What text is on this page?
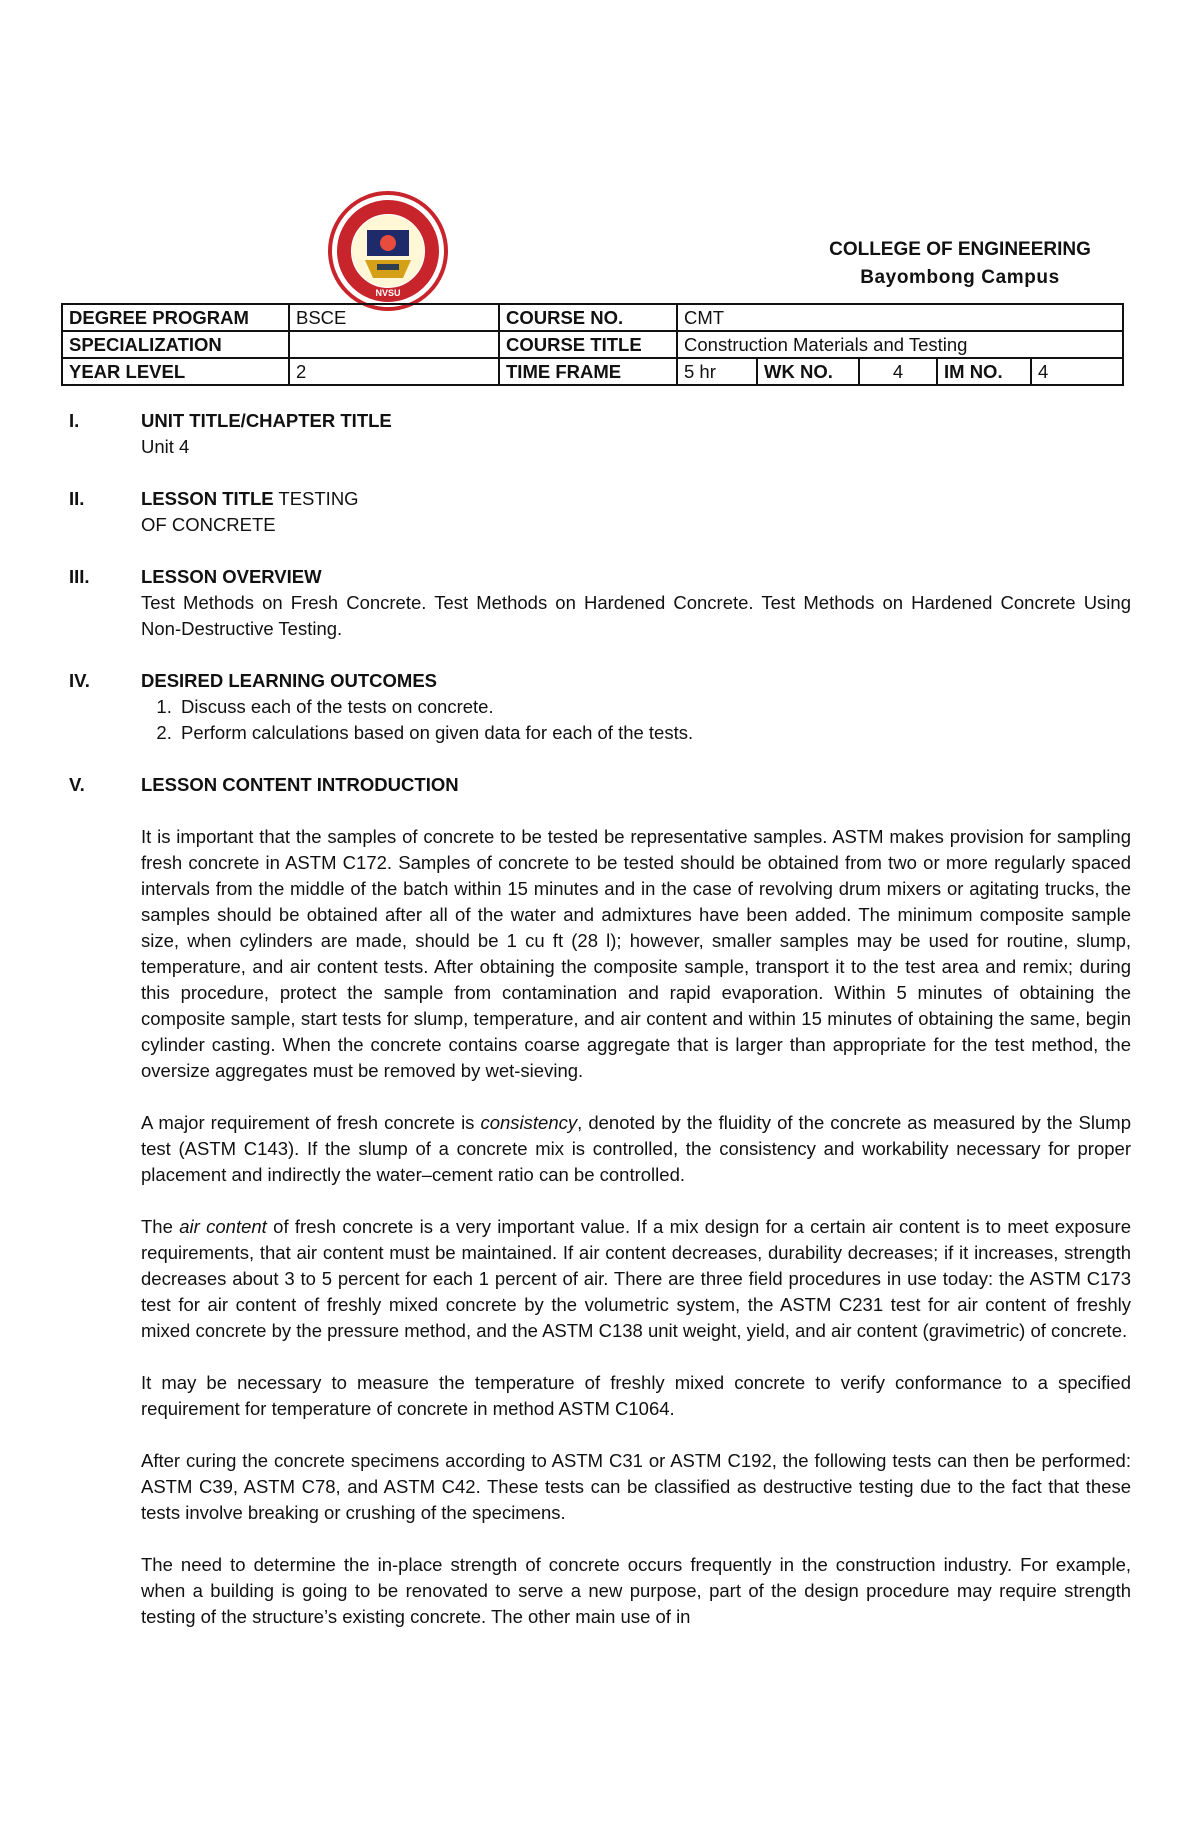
NVSU
COLLEGE OF ENGINEERING
Bayombong Campus
DEGREE PROGRAM	BSCE	COURSE NO.	CMT				
SPECIALIZATION		COURSE TITLE	Construction Materials and Testing				
YEAR LEVEL	2	TIME FRAME	5 hr	WK NO.	4	IM NO.	4
I.	UNIT TITLE/CHAPTER TITLE
Unit 4
II.	LESSON TITLE TESTING
OF CONCRETE
III.	LESSON OVERVIEW
Test Methods on Fresh Concrete. Test Methods on Hardened Concrete. Test Methods on Hardened Concrete Using Non-Destructive Testing.
IV.	DESIRED LEARNING OUTCOMES
1. Discuss each of the tests on concrete.
2. Perform calculations based on given data for each of the tests.
V.	LESSON CONTENT INTRODUCTION

It is important that the samples of concrete to be tested be representative samples. ASTM makes provision for sampling fresh concrete in ASTM C172. Samples of concrete to be tested should be obtained from two or more regularly spaced intervals from the middle of the batch within 15 minutes and in the case of revolving drum mixers or agitating trucks, the samples should be obtained after all of the water and admixtures have been added. The minimum composite sample size, when cylinders are made, should be 1 cu ft (28 l); however, smaller samples may be used for routine, slump, temperature, and air content tests. After obtaining the composite sample, transport it to the test area and remix; during this procedure, protect the sample from contamination and rapid evaporation. Within 5 minutes of obtaining the composite sample, start tests for slump, temperature, and air content and within 15 minutes of obtaining the same, begin cylinder casting. When the concrete contains coarse aggregate that is larger than appropriate for the test method, the oversize aggregates must be removed by wet-sieving.

A major requirement of fresh concrete is consistency, denoted by the fluidity of the concrete as measured by the Slump test (ASTM C143). If the slump of a concrete mix is controlled, the consistency and workability necessary for proper placement and indirectly the water–cement ratio can be controlled.

The air content of fresh concrete is a very important value. If a mix design for a certain air content is to meet exposure requirements, that air content must be maintained. If air content decreases, durability decreases; if it increases, strength decreases about 3 to 5 percent for each 1 percent of air. There are three field procedures in use today: the ASTM C173 test for air content of freshly mixed concrete by the volumetric system, the ASTM C231 test for air content of freshly mixed concrete by the pressure method, and the ASTM C138 unit weight, yield, and air content (gravimetric) of concrete.

It may be necessary to measure the temperature of freshly mixed concrete to verify conformance to a specified requirement for temperature of concrete in method ASTM C1064.

After curing the concrete specimens according to ASTM C31 or ASTM C192, the following tests can then be performed: ASTM C39, ASTM C78, and ASTM C42. These tests can be classified as destructive testing due to the fact that these tests involve breaking or crushing of the specimens.

The need to determine the in-place strength of concrete occurs frequently in the construction industry. For example, when a building is going to be renovated to serve a new purpose, part of the design procedure may require strength testing of the structure’s existing concrete. The other main use of in
